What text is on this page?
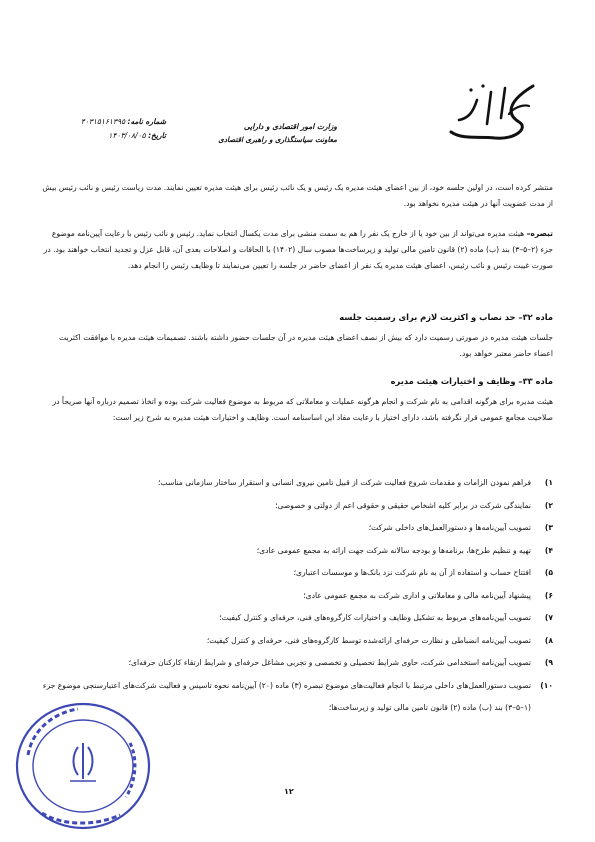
وزارت امور اقتصادی و دارایی
معاونت سیاستگذاری و راهبری اقتصادی
شماره نامه: ۴۰۳۱۵۱۶۱۳۹۵
تاریخ: ۱۴۰۳/۰۸/۰۵

منتشر کرده است، در اولین جلسه خود، از بین اعضای هیئت مدیره یک رئیس و یک نائب رئیس برای هیئت مدیره تعیین نمایند. مدت ریاست رئیس و نائب رئیس بیش از مدت عضویت آنها در هیئت مدیره نخواهد بود.

تبصره– هیئت مدیره می‌تواند از بین خود یا از خارج یک نفر را هم به سمت منشی برای مدت یکسال انتخاب نماید. رئیس و نائب رئیس با رعایت آیین‌نامه موضوع جزء (۲–۵–۳) بند (ب) ماده (۲) قانون تامین مالی تولید و زیرساخت‌ها مصوب سال (۱۴۰۲) با الحاقات و اصلاحات بعدی آن، قابل عزل و تجدید انتخاب خواهند بود. در صورت غیبت رئیس و نائب رئیس، اعضای هیئت مدیره یک نفر از اعضای حاضر در جلسه را تعیین می‌نمایند تا وظایف رئیس را انجام دهد.

ماده ۳۲– حد نصاب و اکثریت لازم برای رسمیت جلسه

جلسات هیئت مدیره در صورتی رسمیت دارد که بیش از نصف اعضای هیئت مدیره در آن جلسات حضور داشته باشند. تصمیمات هیئت مدیره با موافقت اکثریت اعضاء حاضر معتبر خواهد بود.

ماده ۳۳– وظایف و اختیارات هیئت مدیره

هیئت مدیره برای هرگونه اقدامی به نام شرکت و انجام هرگونه عملیات و معاملاتی که مربوط به موضوع فعالیت شرکت بوده و اتخاذ تصمیم درباره آنها صریحاً در صلاحیت مجامع عمومی قرار نگرفته باشد، دارای اختیار با رعایت مفاد این اساسنامه است. وظایف و اختیارات هیئت مدیره به شرح زیر است:

۱)
فراهم نمودن الزامات و مقدمات شروع فعالیت شرکت از قبیل تامین نیروی انسانی و استقرار ساختار سازمانی مناسب؛
۲)
نمایندگی شرکت در برابر کلیه اشخاص حقیقی و حقوقی اعم از دولتی و خصوصی؛
۳)
تصویب آیین‌نامه‌ها و دستورالعمل‌های داخلی شرکت؛
۴)
تهیه و تنظیم طرح‌ها، برنامه‌ها و بودجه سالانه شرکت جهت ارائه به مجمع عمومی عادی؛
۵)
افتتاح حساب و استفاده از آن به نام شرکت نزد بانک‌ها و موسسات اعتباری؛
۶)
پیشنهاد آیین‌نامه مالی و معاملاتی و اداری شرکت به مجمع عمومی عادی؛
۷)
تصویب آیین‌نامه‌های مربوط به تشکیل وظایف و اختیارات کارگروه‌های فنی، حرفه‌ای و کنترل کیفیت؛
۸)
تصویب آیین‌نامه انضباطی و نظارت حرفه‌ای ارائه‌شده توسط کارگروه‌های فنی، حرفه‌ای و کنترل کیفیت؛
۹)
تصویب آیین‌نامه استخدامی شرکت، حاوی شرایط تحصیلی و تخصصی و تجربی مشاغل حرفه‌ای و شرایط ارتقاء کارکنان حرفه‌ای؛
۱۰)
تصویب دستورالعمل‌های داخلی مرتبط با انجام فعالیت‌های موضوع تبصره (۳) ماده (۲۰) آیین‌نامه نحوه تاسیس و فعالیت شرکت‌های اعتبارسنجی موضوع جزء (۱–۵–۳) بند (ب) ماده (۲) قانون تامین مالی تولید و زیرساخت‌ها؛
۱۲
